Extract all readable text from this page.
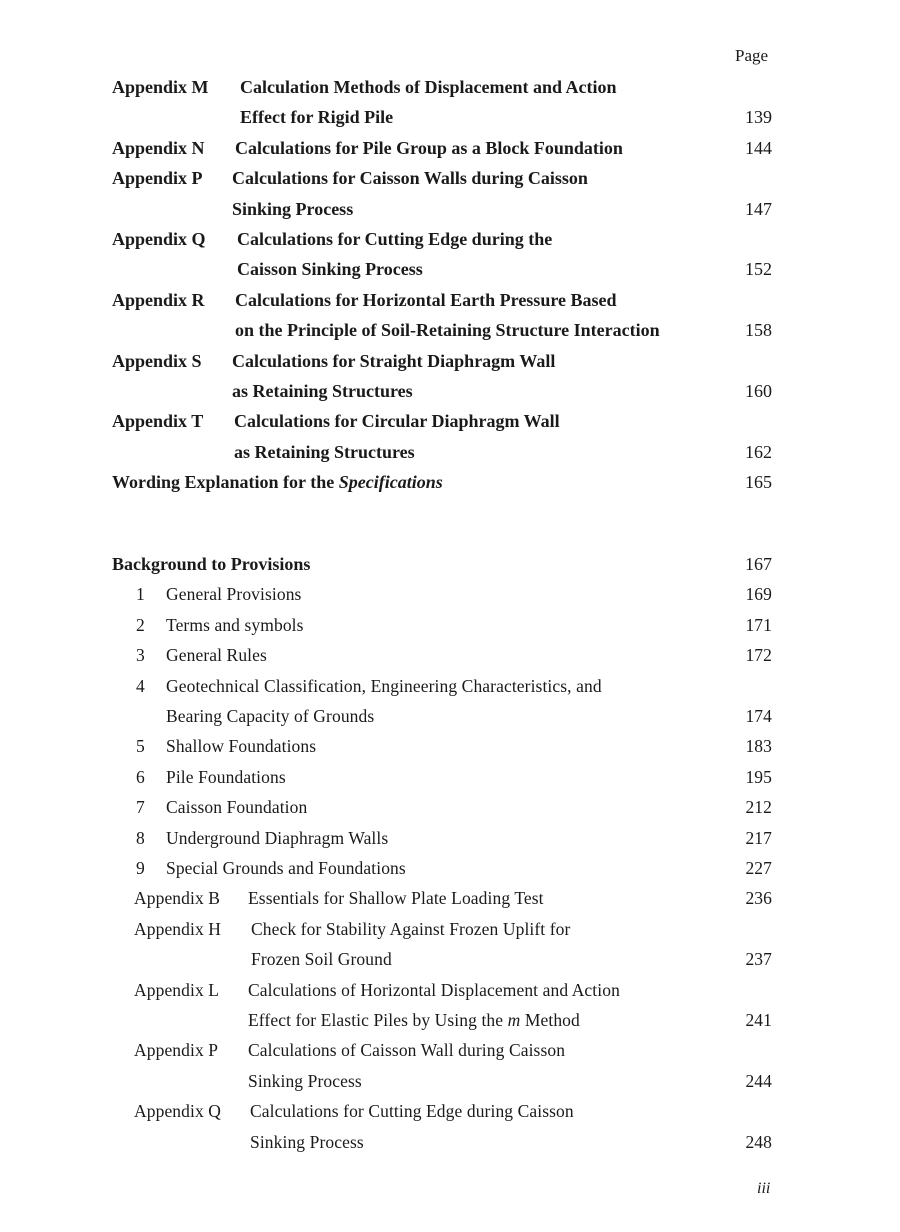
Page
Appendix M Calculation Methods of Displacement and Action
Effect for Rigid Pile	139
Appendix N Calculations for Pile Group as a Block Foundation	144
Appendix P Calculations for Caisson Walls during Caisson
Sinking Process	147
Appendix Q Calculations for Cutting Edge during the
Caisson Sinking Process	152
Appendix R Calculations for Horizontal Earth Pressure Based
on the Principle of Soil-Retaining Structure Interaction	158
Appendix S Calculations for Straight Diaphragm Wall
as Retaining Structures	160
Appendix T Calculations for Circular Diaphragm Wall
as Retaining Structures	162
Wording Explanation for the Specifications	165
Background to Provisions	167
1 General Provisions	169
2 Terms and symbols	171
3 General Rules	172
4 Geotechnical Classification, Engineering Characteristics, and
Bearing Capacity of Grounds	174
5 Shallow Foundations	183
6 Pile Foundations	195
7 Caisson Foundation	212
8 Underground Diaphragm Walls	217
9 Special Grounds and Foundations	227
Appendix B Essentials for Shallow Plate Loading Test	236
Appendix H Check for Stability Against Frozen Uplift for
Frozen Soil Ground	237
Appendix L Calculations of Horizontal Displacement and Action
Effect for Elastic Piles by Using the m Method	241
Appendix P Calculations of Caisson Wall during Caisson
Sinking Process	244
Appendix Q Calculations for Cutting Edge during Caisson
Sinking Process	248
iii
